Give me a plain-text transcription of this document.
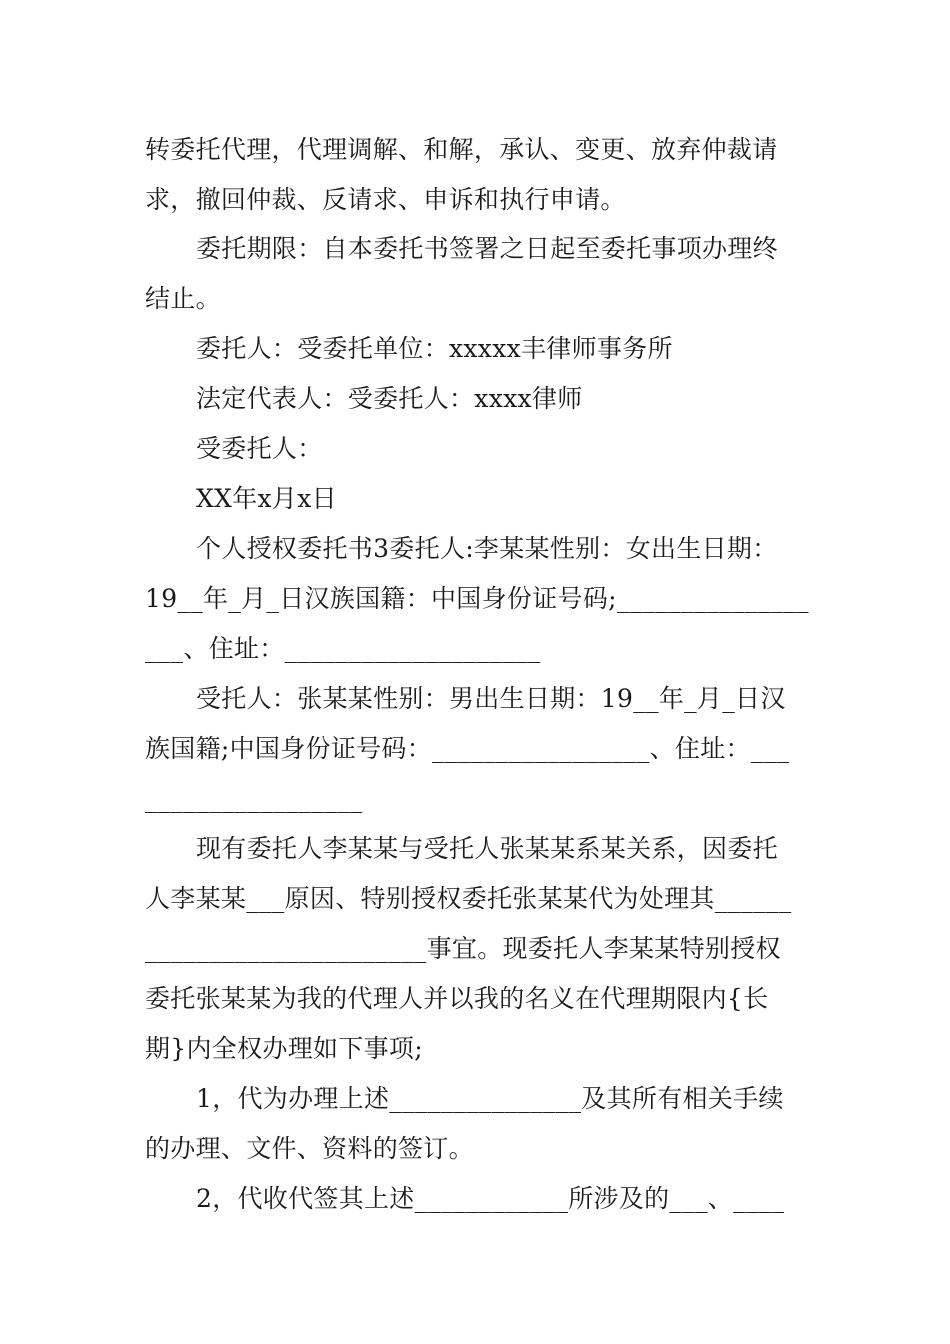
转委托代理，代理调解、和解，承认、变更、放弃仲裁请
求，撤回仲裁、反请求、申诉和执行申请。
委托期限：自本委托书签署之日起至委托事项办理终
结止。
委托人：受委托单位：xxxxx丰律师事务所
法定代表人：受委托人：xxxx律师
受委托人：
XX年x月x日
个人授权委托书3委托人:李某某性别：女出生日期：
19__年_月_日汉族国籍：中国身份证号码;_______________
___、住址：____________________
受托人：张某某性别：男出生日期：19__年_月_日汉
族国籍;中国身份证号码：_________________、住址：___
_________________
现有委托人李某某与受托人张某某系某关系，因委托
人李某某___原因、特别授权委托张某某代为处理其______
______________________事宜。现委托人李某某特别授权
委托张某某为我的代理人并以我的名义在代理期限内{长
期}内全权办理如下事项;
1，代为办理上述_______________及其所有相关手续
的办理、文件、资料的签订。
2，代收代签其上述____________所涉及的___、____
